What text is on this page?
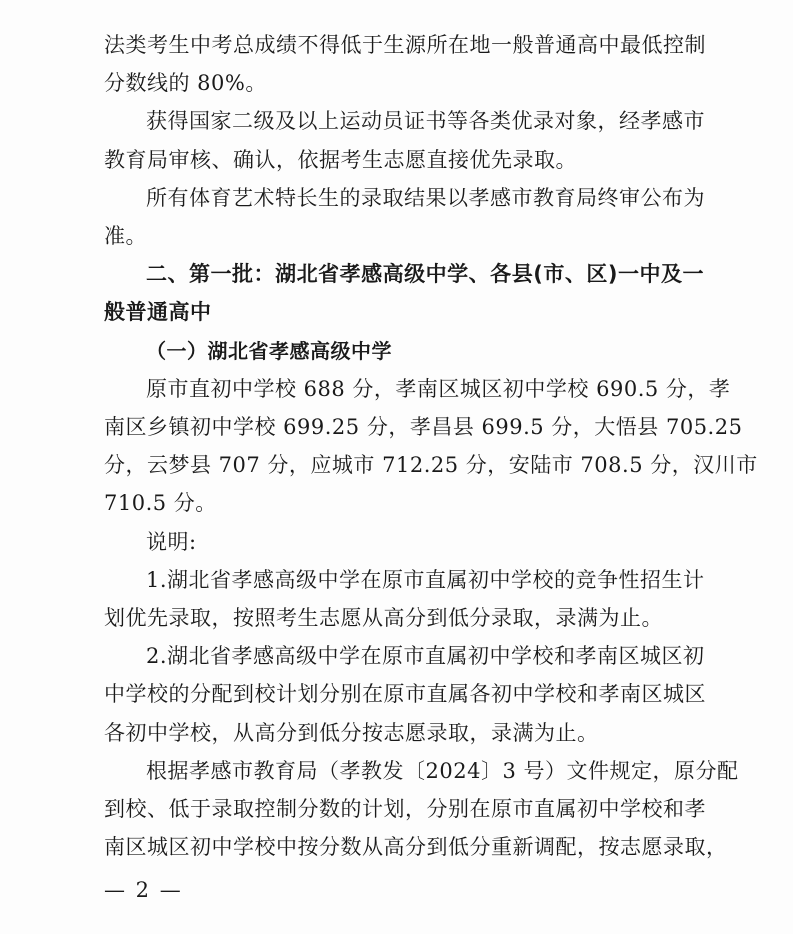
法类考生中考总成绩不得低于生源所在地一般普通高中最低控制
分数线的 80%。
获得国家二级及以上运动员证书等各类优录对象，经孝感市
教育局审核、确认，依据考生志愿直接优先录取。
所有体育艺术特长生的录取结果以孝感市教育局终审公布为
准。
二、第一批：湖北省孝感高级中学、各县(市、区)一中及一
般普通高中
（一）湖北省孝感高级中学
原市直初中学校 688 分，孝南区城区初中学校 690.5 分，孝
南区乡镇初中学校 699.25 分，孝昌县 699.5 分，大悟县 705.25
分，云梦县 707 分，应城市 712.25 分，安陆市 708.5 分，汉川市
710.5 分。
说明:
1.湖北省孝感高级中学在原市直属初中学校的竞争性招生计
划优先录取，按照考生志愿从高分到低分录取，录满为止。
2.湖北省孝感高级中学在原市直属初中学校和孝南区城区初
中学校的分配到校计划分别在原市直属各初中学校和孝南区城区
各初中学校，从高分到低分按志愿录取，录满为止。
根据孝感市教育局（孝教发〔2024〕3 号）文件规定，原分配
到校、低于录取控制分数的计划，分别在原市直属初中学校和孝
南区城区初中学校中按分数从高分到低分重新调配，按志愿录取，
— 2 —
